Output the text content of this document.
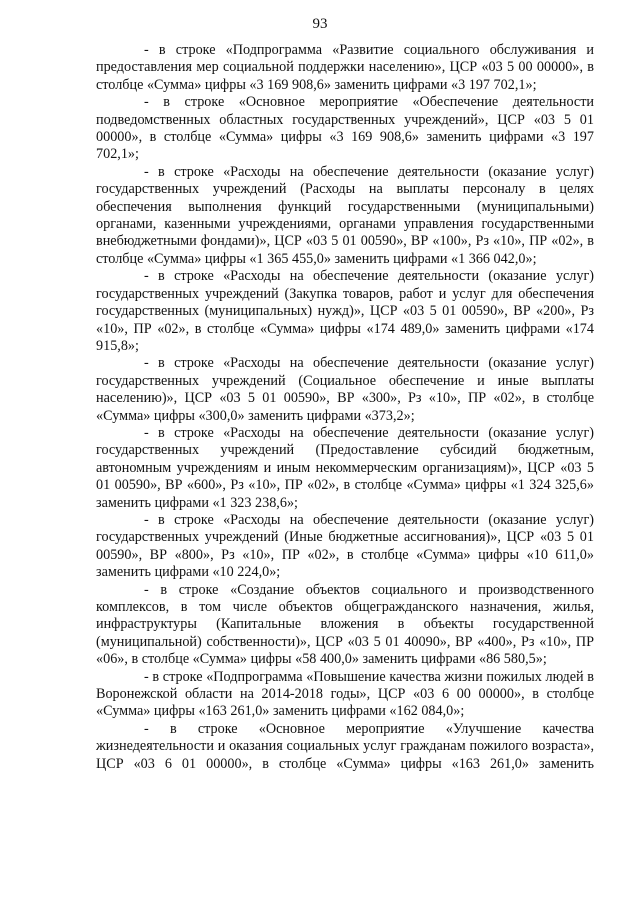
93

- в строке «Подпрограмма «Развитие социального обслуживания и предоставления мер социальной поддержки населению», ЦСР «03 5 00 00000», в столбце «Сумма» цифры «3 169 908,6» заменить цифрами «3 197 702,1»;

- в строке «Основное мероприятие «Обеспечение деятельности подведомственных областных государственных учреждений», ЦСР «03 5 01 00000», в столбце «Сумма» цифры «3 169 908,6» заменить цифрами «3 197 702,1»;

- в строке «Расходы на обеспечение деятельности (оказание услуг) государственных учреждений (Расходы на выплаты персоналу в целях обеспечения выполнения функций государственными (муниципальными) органами, казенными учреждениями, органами управления государственными внебюджетными фондами)», ЦСР «03 5 01 00590», ВР «100», Рз «10», ПР «02», в столбце «Сумма» цифры «1 365 455,0» заменить цифрами «1 366 042,0»;

- в строке «Расходы на обеспечение деятельности (оказание услуг) государственных учреждений (Закупка товаров, работ и услуг для обеспечения государственных (муниципальных) нужд)», ЦСР «03 5 01 00590», ВР «200», Рз «10», ПР «02», в столбце «Сумма» цифры «174 489,0» заменить цифрами «174 915,8»;

- в строке «Расходы на обеспечение деятельности (оказание услуг) государственных учреждений (Социальное обеспечение и иные выплаты населению)», ЦСР «03 5 01 00590», ВР «300», Рз «10», ПР «02», в столбце «Сумма» цифры «300,0» заменить цифрами «373,2»;

- в строке «Расходы на обеспечение деятельности (оказание услуг) государственных учреждений (Предоставление субсидий бюджетным, автономным учреждениям и иным некоммерческим организациям)», ЦСР «03 5 01 00590», ВР «600», Рз «10», ПР «02», в столбце «Сумма» цифры «1 324 325,6» заменить цифрами «1 323 238,6»;

- в строке «Расходы на обеспечение деятельности (оказание услуг) государственных учреждений (Иные бюджетные ассигнования)», ЦСР «03 5 01 00590», ВР «800», Рз «10», ПР «02», в столбце «Сумма» цифры «10 611,0» заменить цифрами «10 224,0»;

- в строке «Создание объектов социального и производственного комплексов, в том числе объектов общегражданского назначения, жилья, инфраструктуры (Капитальные вложения в объекты государственной (муниципальной) собственности)», ЦСР «03 5 01 40090», ВР «400», Рз «10», ПР «06», в столбце «Сумма» цифры «58 400,0» заменить цифрами «86 580,5»;

- в строке «Подпрограмма «Повышение качества жизни пожилых людей в Воронежской области на 2014-2018 годы», ЦСР «03 6 00 00000», в столбце «Сумма» цифры «163 261,0» заменить цифрами «162 084,0»;

- в строке «Основное мероприятие «Улучшение качества жизнедеятельности и оказания социальных услуг гражданам пожилого возраста», ЦСР «03 6 01 00000», в столбце «Сумма» цифры «163 261,0» заменить
